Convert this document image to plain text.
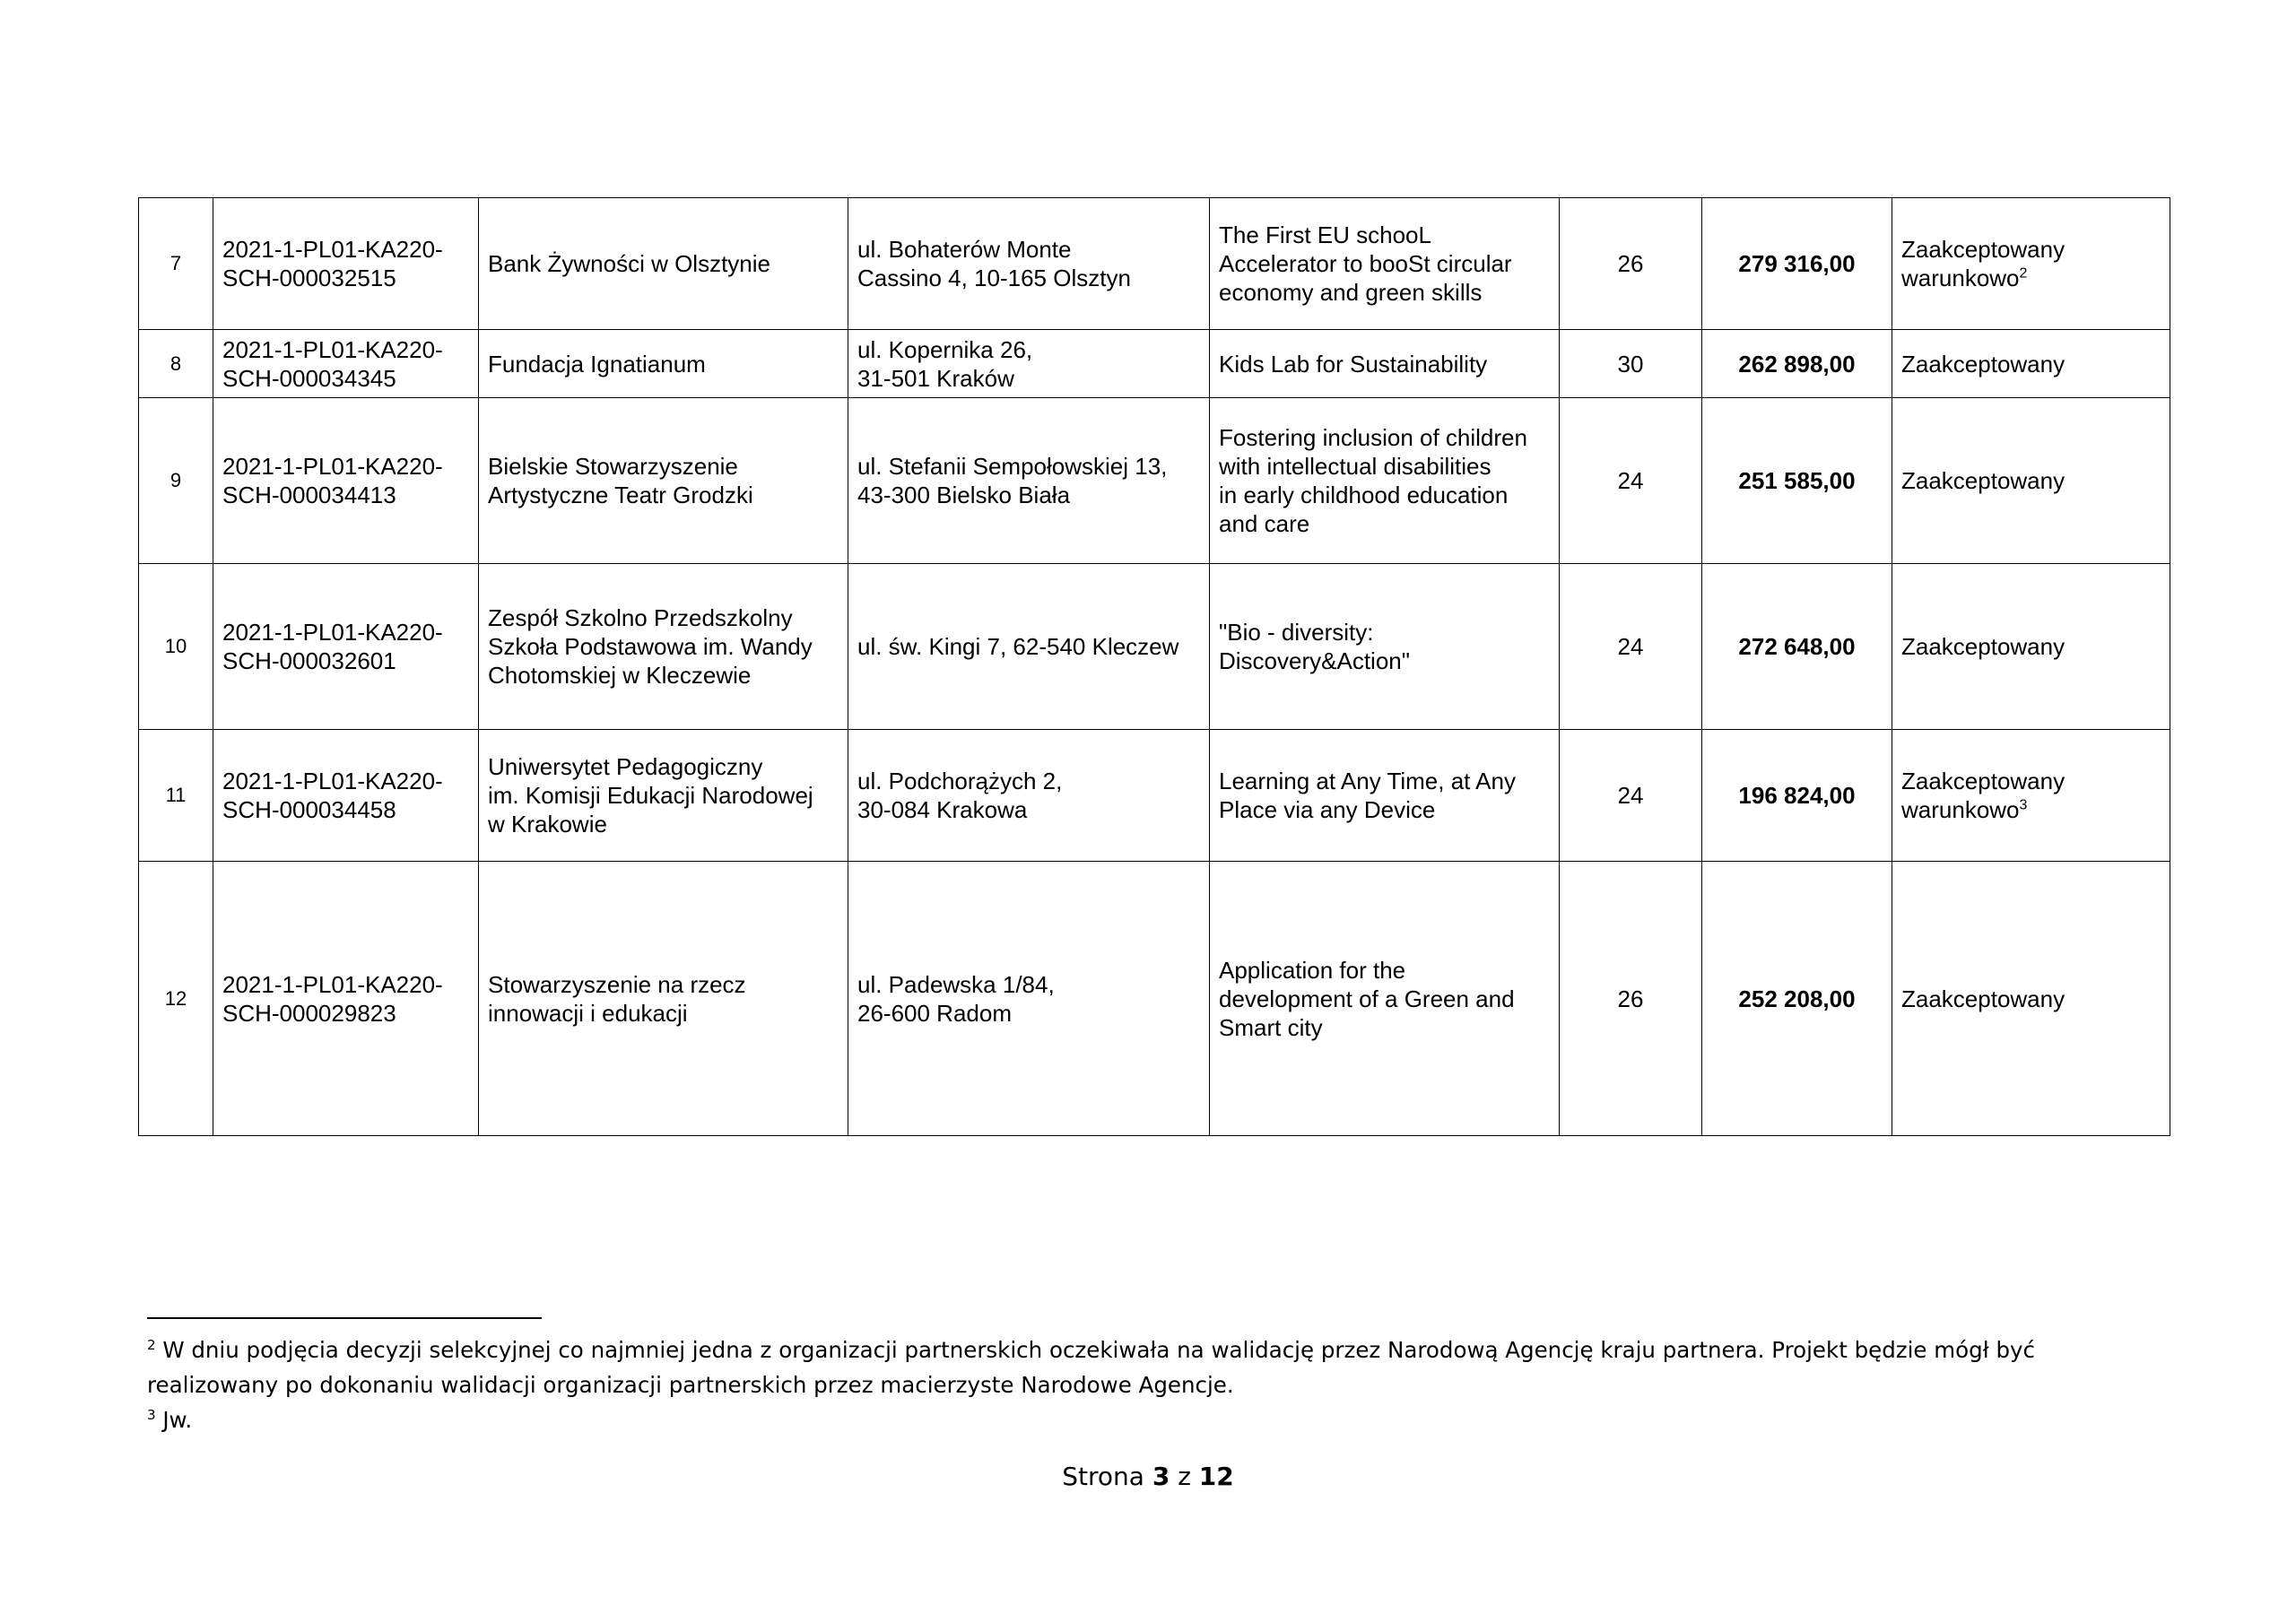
7	2021-1-PL01-KA220-
SCH-000032515	Bank Żywności w Olsztynie	ul. Bohaterów Monte
Cassino 4, 10-165 Olsztyn	The First EU schooL
Accelerator to booSt circular
economy and green skills	26	279 316,00	Zaakceptowany
warunkowo$^2$
8	2021-1-PL01-KA220-
SCH-000034345	Fundacja Ignatianum	ul. Kopernika 26,
31-501 Kraków	Kids Lab for Sustainability	30	262 898,00	Zaakceptowany
9	2021-1-PL01-KA220-
SCH-000034413	Bielskie Stowarzyszenie
Artystyczne Teatr Grodzki	ul. Stefanii Sempołowskiej 13,
43-300 Bielsko Biała	Fostering inclusion of children
with intellectual disabilities
in early childhood education
and care	24	251 585,00	Zaakceptowany
10	2021-1-PL01-KA220-
SCH-000032601	Zespół Szkolno Przedszkolny
Szkoła Podstawowa im. Wandy
Chotomskiej w Kleczewie	ul. św. Kingi 7, 62-540 Kleczew	"Bio - diversity:
Discovery&Action"	24	272 648,00	Zaakceptowany
11	2021-1-PL01-KA220-
SCH-000034458	Uniwersytet Pedagogiczny
im. Komisji Edukacji Narodowej
w Krakowie	ul. Podchorążych 2,
30-084 Krakowa	Learning at Any Time, at Any
Place via any Device	24	196 824,00	Zaakceptowany
warunkowo$^3$
12	2021-1-PL01-KA220-
SCH-000029823	Stowarzyszenie na rzecz
innowacji i edukacji	ul. Padewska 1/84,
26-600 Radom	Application for the
development of a Green and
Smart city	26	252 208,00	Zaakceptowany

$^2$ W dniu podjęcia decyzji selekcyjnej co najmniej jedna z organizacji partnerskich oczekiwała na walidację przez Narodową Agencję kraju partnera. Projekt będzie mógł być
realizowany po dokonaniu walidacji organizacji partnerskich przez macierzyste Narodowe Agencje.

$^3$ Jw.

Strona 3 z 12
